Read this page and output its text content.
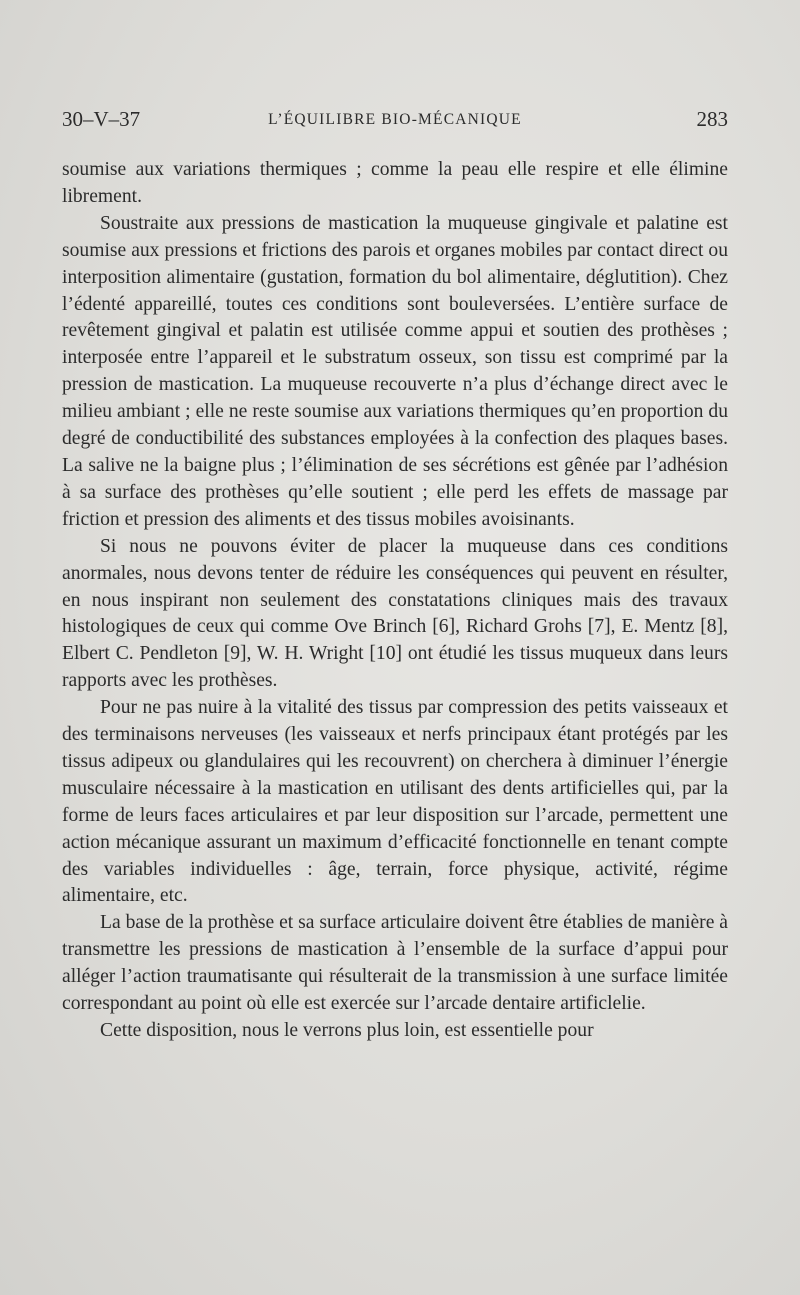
30–V–37	L’ÉQUILIBRE BIO-MÉCANIQUE	283

soumise aux variations thermiques ; comme la peau elle respire et elle élimine librement.

Soustraite aux pressions de mastication la muqueuse gingivale et palatine est soumise aux pressions et frictions des parois et organes mobiles par contact direct ou interposition alimentaire (gustation, formation du bol alimentaire, déglutition). Chez l’édenté appareillé, toutes ces conditions sont bouleversées. L’entière surface de revêtement gingival et palatin est utilisée comme appui et soutien des prothèses ; interposée entre l’appareil et le substratum osseux, son tissu est comprimé par la pression de mastication. La muqueuse recouverte n’a plus d’échange direct avec le milieu ambiant ; elle ne reste soumise aux variations thermiques qu’en proportion du degré de conductibilité des substances employées à la confection des plaques bases. La salive ne la baigne plus ; l’élimination de ses sécrétions est gênée par l’adhésion à sa surface des prothèses qu’elle soutient ; elle perd les effets de massage par friction et pression des aliments et des tissus mobiles avoisinants.

Si nous ne pouvons éviter de placer la muqueuse dans ces conditions anormales, nous devons tenter de réduire les conséquences qui peuvent en résulter, en nous inspirant non seulement des constatations cliniques mais des travaux histologiques de ceux qui comme Ove Brinch [6], Richard Grohs [7], E. Mentz [8], Elbert C. Pendleton [9], W. H. Wright [10] ont étudié les tissus muqueux dans leurs rapports avec les prothèses.

Pour ne pas nuire à la vitalité des tissus par compression des petits vaisseaux et des terminaisons nerveuses (les vaisseaux et nerfs principaux étant protégés par les tissus adipeux ou glandulaires qui les recouvrent) on cherchera à diminuer l’énergie musculaire nécessaire à la mastication en utilisant des dents artificielles qui, par la forme de leurs faces articulaires et par leur disposition sur l’arcade, permettent une action mécanique assurant un maximum d’efficacité fonctionnelle en tenant compte des variables individuelles : âge, terrain, force physique, activité, régime alimentaire, etc.

La base de la prothèse et sa surface articulaire doivent être établies de manière à transmettre les pressions de mastication à l’ensemble de la surface d’appui pour alléger l’action traumatisante qui résulterait de la transmission à une surface limitée correspondant au point où elle est exercée sur l’arcade dentaire artificlelie.

Cette disposition, nous le verrons plus loin, est essentielle pour
